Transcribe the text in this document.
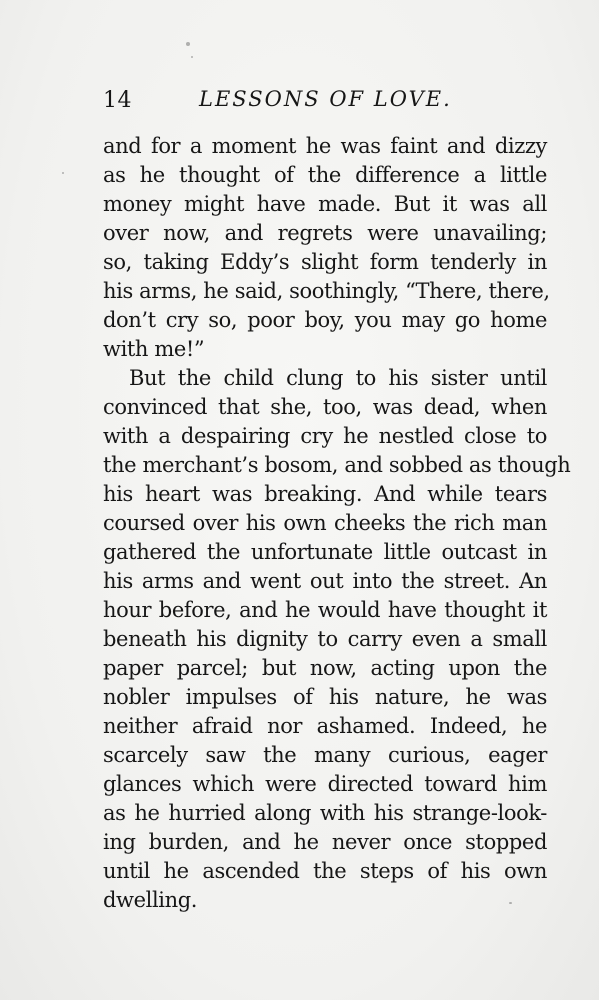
14	LESSONS OF LOVE.
and for a moment he was faint and dizzy
as he thought of the difference a little
money might have made. But it was all
over now, and regrets were unavailing;
so, taking Eddy’s slight form tenderly in
his arms, he said, soothingly, “There, there,
don’t cry so, poor boy, you may go home
with me!”
But the child clung to his sister until
convinced that she, too, was dead, when
with a despairing cry he nestled close to
the merchant’s bosom, and sobbed as though
his heart was breaking. And while tears
coursed over his own cheeks the rich man
gathered the unfortunate little outcast in
his arms and went out into the street. An
hour before, and he would have thought it
beneath his dignity to carry even a small
paper parcel; but now, acting upon the
nobler impulses of his nature, he was
neither afraid nor ashamed. Indeed, he
scarcely saw the many curious, eager
glances which were directed toward him
as he hurried along with his strange-look-
ing burden, and he never once stopped
until he ascended the steps of his own
dwelling.
